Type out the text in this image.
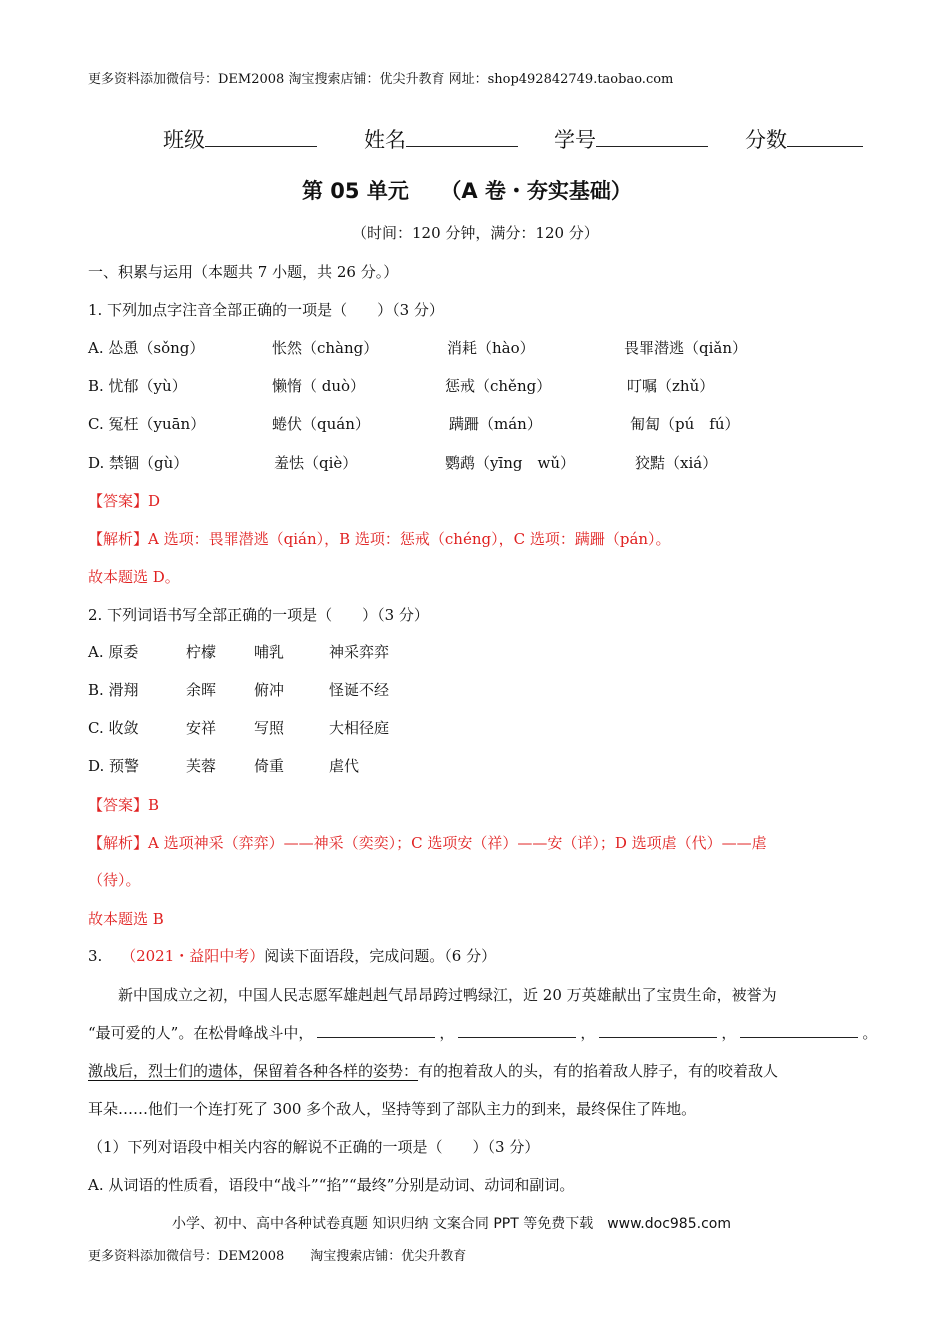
更多资料添加微信号：DEM2008 淘宝搜索店铺：优尖升教育 网址：shop492842749.taobao.com
班级	姓名	学号	分数
第 05 单元　　（A 卷・夯实基础）
（时间：120 分钟，满分：120 分）
一、积累与运用（本题共 7 小题，共 26 分。）
1. 下列加点字注音全部正确的一项是（　　）（3 分）
A. 怂恿（sǒng）	怅然（chàng）	消耗（hào）	畏罪潜逃（qiǎn）
B. 忧郁（yù）	懒惰（ duò）	惩戒（chěng）	叮嘱（zhǔ）
C. 冤枉（yuān）	蜷伏（quán）	蹒跚（mán）	匍匐（pú　fú）
D. 禁锢（gù）	羞怯（qiè）	鹦鹉（yīng　wǔ）	狡黠（xiá）
【答案】D
【解析】A 选项：畏罪潜逃（qián），B 选项：惩戒（chéng），C 选项：蹒跚（pán）。
故本题选 D。
2. 下列词语书写全部正确的一项是（　　）（3 分）
A. 原委	柠檬	哺乳	神采弈弈
B. 滑翔	余晖	俯冲	怪诞不经
C. 收敛	安祥	写照	大相径庭
D. 预警	芙蓉	倚重	虐代
【答案】B
【解析】A 选项神采（弈弈）——神采（奕奕）；C 选项安（祥）——安（详）；D 选项虐（代）——虐
（待）。
故本题选 B
3. （2021・益阳中考）阅读下面语段，完成问题。（6 分）
新中国成立之初，中国人民志愿军雄赳赳气昂昂跨过鸭绿江，近 20 万英雄献出了宝贵生命，被誉为
“最可爱的人”。在松骨峰战斗中，	，	，	，	。
激战后，烈士们的遗体，保留着各种各样的姿势：有的抱着敌人的头，有的掐着敌人脖子，有的咬着敌人
耳朵……他们一个连打死了 300 多个敌人，坚持等到了部队主力的到来，最终保住了阵地。
（1）下列对语段中相关内容的解说不正确的一项是（　　）（3 分）
A. 从词语的性质看，语段中“战斗”“掐”“最终”分别是动词、动词和副词。
小学、初中、高中各种试卷真题 知识归纳 文案合同 PPT 等免费下载　www.doc985.com
更多资料添加微信号：DEM2008　　淘宝搜索店铺：优尖升教育
